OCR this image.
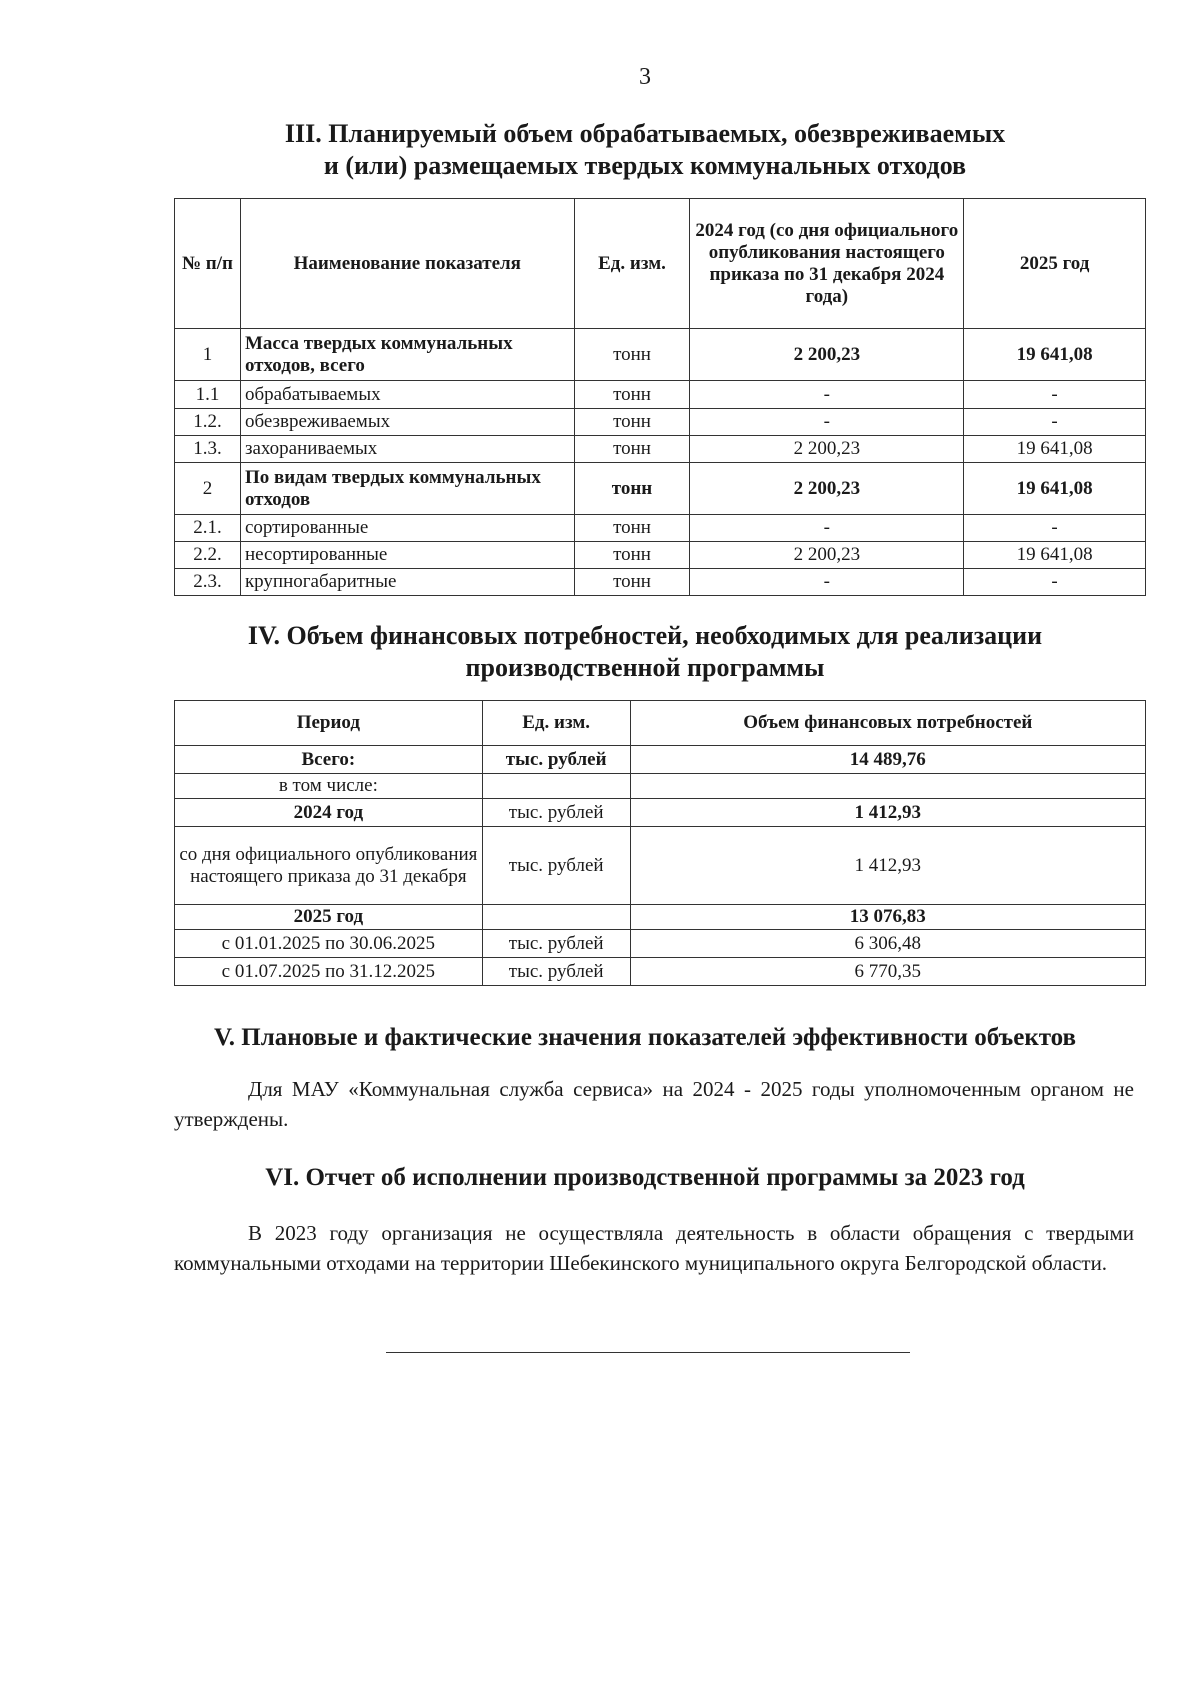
3
III. Планируемый объем обрабатываемых, обезвреживаемых
и (или) размещаемых твердых коммунальных отходов
№ п/п	Наименование показателя	Ед. изм.	2024 год (со дня официального опубликования настоящего приказа по 31 декабря 2024 года)	2025 год
1	Масса твердых коммунальных отходов, всего	тонн	2 200,23	19 641,08
1.1	обрабатываемых	тонн	-	-
1.2.	обезвреживаемых	тонн	-	-
1.3.	захораниваемых	тонн	2 200,23	19 641,08
2	По видам твердых коммунальных отходов	тонн	2 200,23	19 641,08
2.1.	сортированные	тонн	-	-
2.2.	несортированные	тонн	2 200,23	19 641,08
2.3.	крупногабаритные	тонн	-	-
IV. Объем финансовых потребностей, необходимых для реализации
производственной программы
Период	Ед. изм.	Объем финансовых потребностей
Всего:	тыс. рублей	14 489,76
в том числе:		
2024 год	тыс. рублей	1 412,93
со дня официального опубликования настоящего приказа до 31 декабря	тыс. рублей	1 412,93
2025 год		13 076,83
с 01.01.2025 по 30.06.2025	тыс. рублей	6 306,48
с 01.07.2025 по 31.12.2025	тыс. рублей	6 770,35
V. Плановые и фактические значения показателей эффективности объектов
Для МАУ «Коммунальная служба сервиса» на 2024 - 2025 годы уполномоченным органом не утверждены.
VI. Отчет об исполнении производственной программы за 2023 год
В 2023 году организация не осуществляла деятельность в области обращения с твердыми коммунальными отходами на территории Шебекинского муниципального округа Белгородской области.
